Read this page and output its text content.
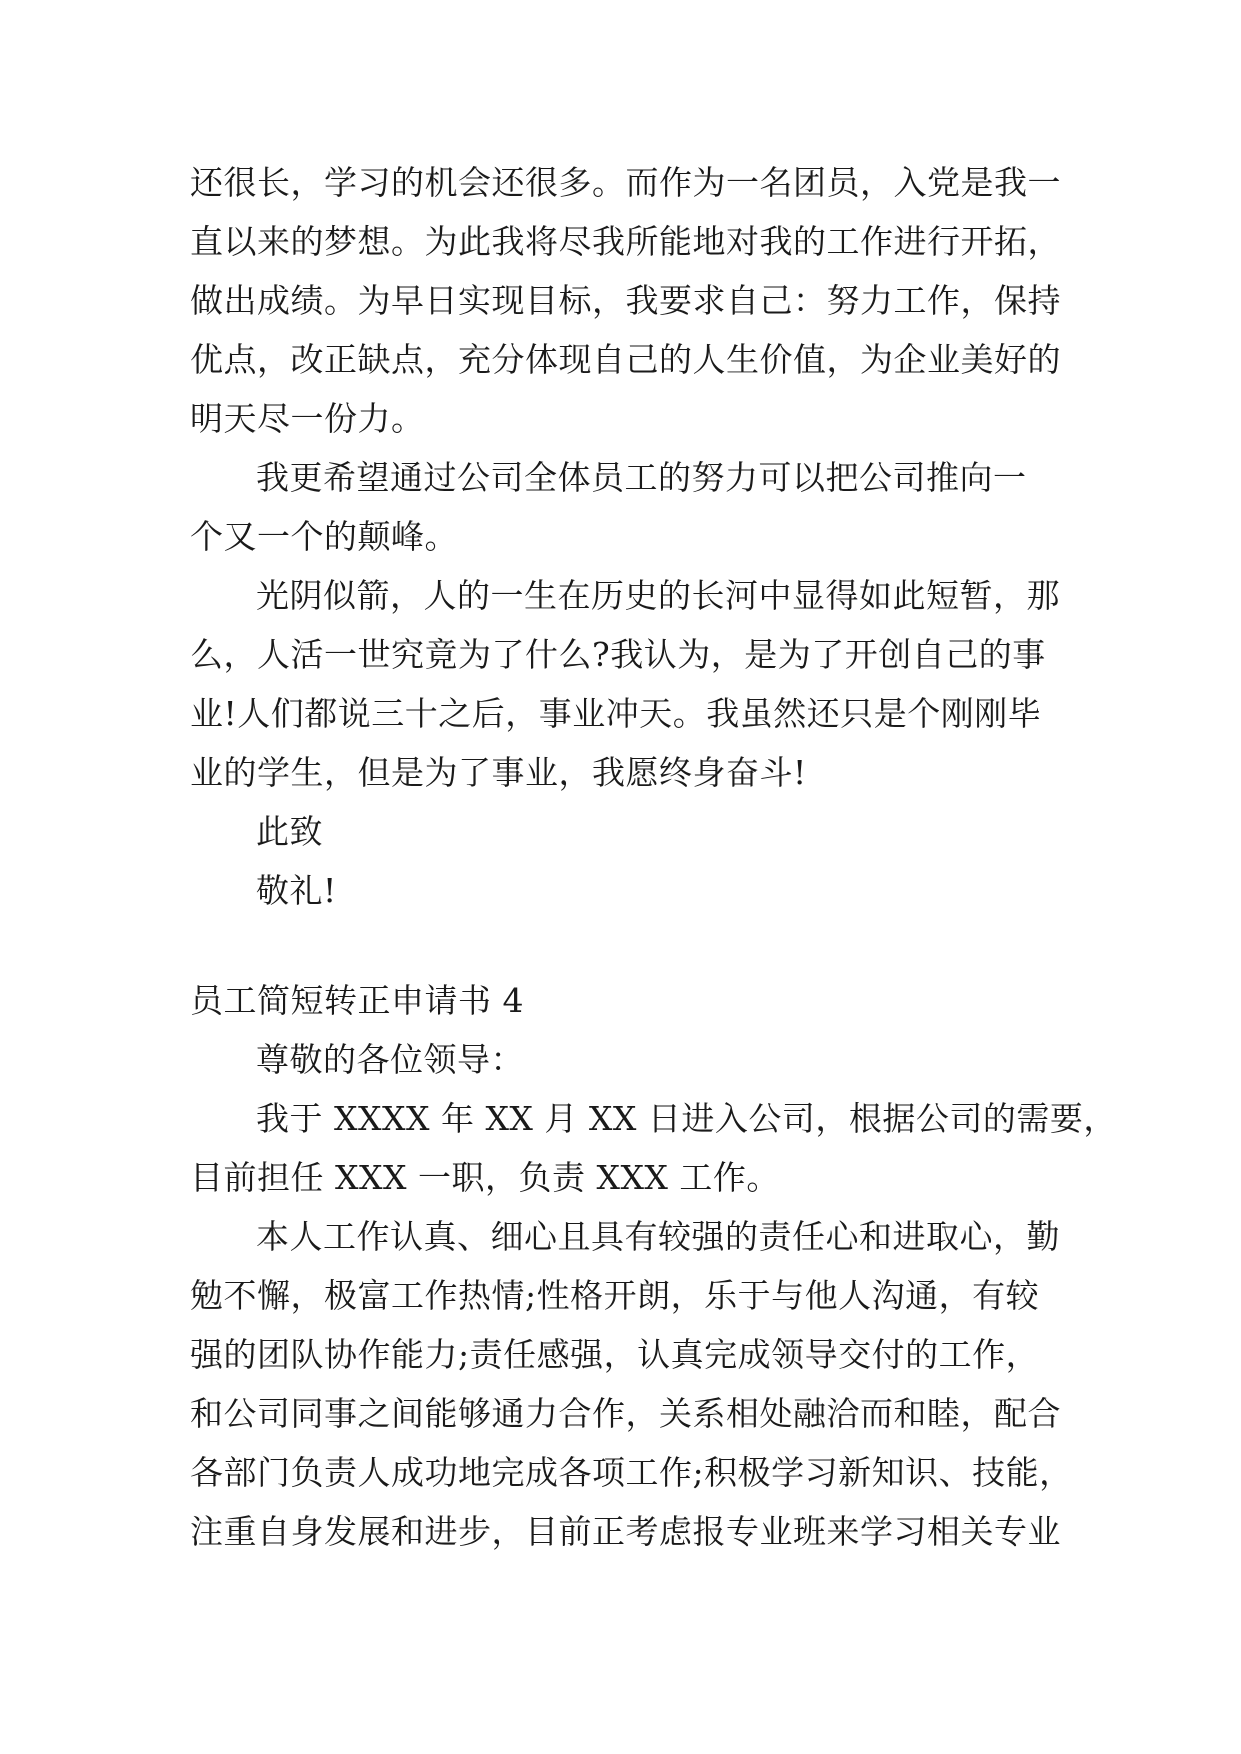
还很长，学习的机会还很多。而作为一名团员，入党是我一
直以来的梦想。为此我将尽我所能地对我的工作进行开拓，
做出成绩。为早日实现目标，我要求自己：努力工作，保持
优点，改正缺点，充分体现自己的人生价值，为企业美好的
明天尽一份力。
我更希望通过公司全体员工的努力可以把公司推向一
个又一个的颠峰。
光阴似箭，人的一生在历史的长河中显得如此短暂，那
么，人活一世究竟为了什么?我认为，是为了开创自己的事
业!人们都说三十之后，事业冲天。我虽然还只是个刚刚毕
业的学生，但是为了事业，我愿终身奋斗!
此致
敬礼!
员工简短转正申请书 4
尊敬的各位领导：
我于 XXXX 年 XX 月 XX 日进入公司，根据公司的需要，
目前担任 XXX 一职，负责 XXX 工作。
本人工作认真、细心且具有较强的责任心和进取心，勤
勉不懈，极富工作热情;性格开朗，乐于与他人沟通，有较
强的团队协作能力;责任感强，认真完成领导交付的工作，
和公司同事之间能够通力合作，关系相处融洽而和睦，配合
各部门负责人成功地完成各项工作;积极学习新知识、技能，
注重自身发展和进步，目前正考虑报专业班来学习相关专业
